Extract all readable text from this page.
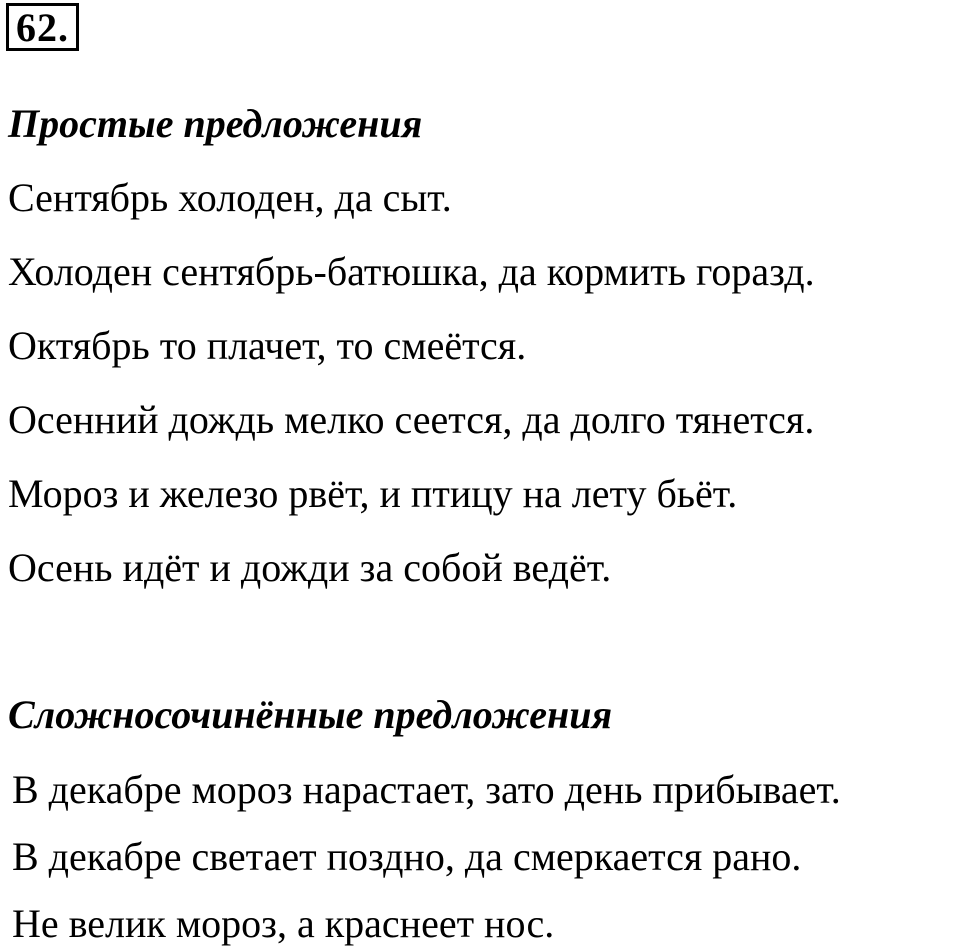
62.
Простые предложения
Сентябрь холоден, да сыт.
Холоден сентябрь-батюшка, да кормить горазд.
Октябрь то плачет, то смеётся.
Осенний дождь мелко сеется, да долго тянется.
Мороз и железо рвёт, и птицу на лету бьёт.
Осень идёт и дожди за собой ведёт.
Сложносочинённые предложения
В декабре мороз нарастает, зато день прибывает.
В декабре светает поздно, да смеркается рано.
Не велик мороз, а краснеет нос.
